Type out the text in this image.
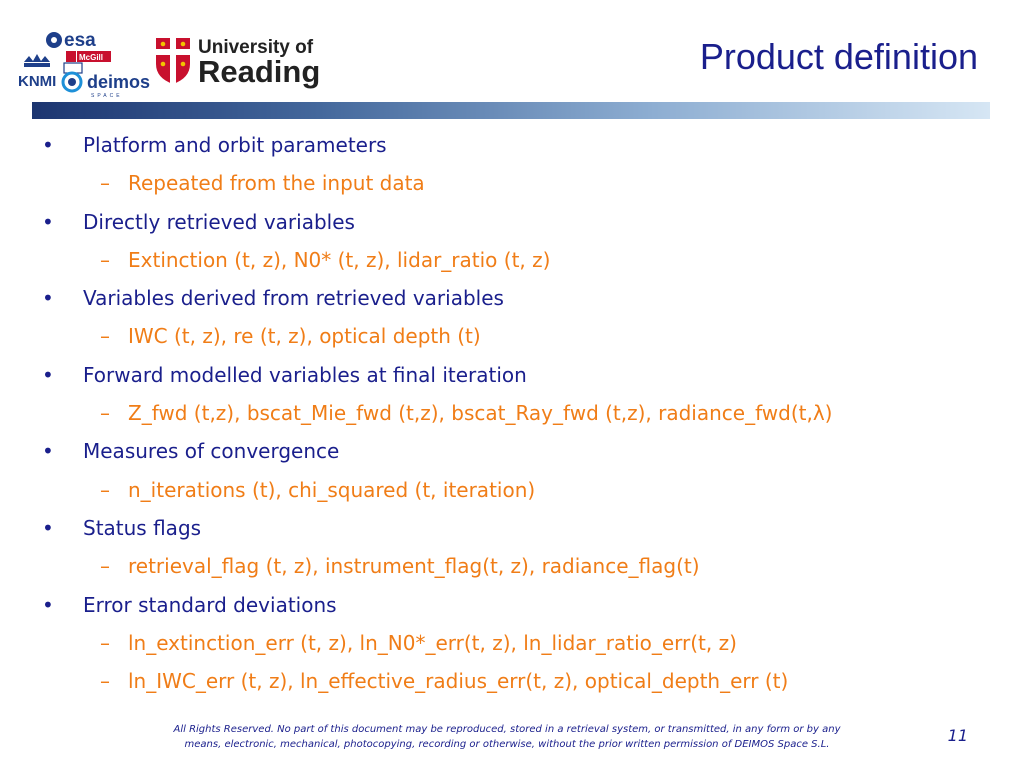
esa
McGill
KNMI deimos
SPACE
University of
Reading	Product definition
• Platform and orbit parameters
– Repeated from the input data
• Directly retrieved variables
– Extinction (t, z), N0* (t, z), lidar_ratio (t, z)
• Variables derived from retrieved variables
– IWC (t, z), re (t, z), optical depth (t)
• Forward modelled variables at final iteration
– Z_fwd (t,z), bscat_Mie_fwd (t,z), bscat_Ray_fwd (t,z), radiance_fwd(t,λ)
• Measures of convergence
– n_iterations (t), chi_squared (t, iteration)
• Status flags
– retrieval_flag (t, z), instrument_flag(t, z), radiance_flag(t)
• Error standard deviations
– ln_extinction_err (t, z), ln_N0*_err(t, z), ln_lidar_ratio_err(t, z)
– ln_IWC_err (t, z), ln_effective_radius_err(t, z), optical_depth_err (t)
All Rights Reserved. No part of this document may be reproduced, stored in a retrieval system, or transmitted, in any form or by any
means, electronic, mechanical, photocopying, recording or otherwise, without the prior written permission of DEIMOS Space S.L.	11
